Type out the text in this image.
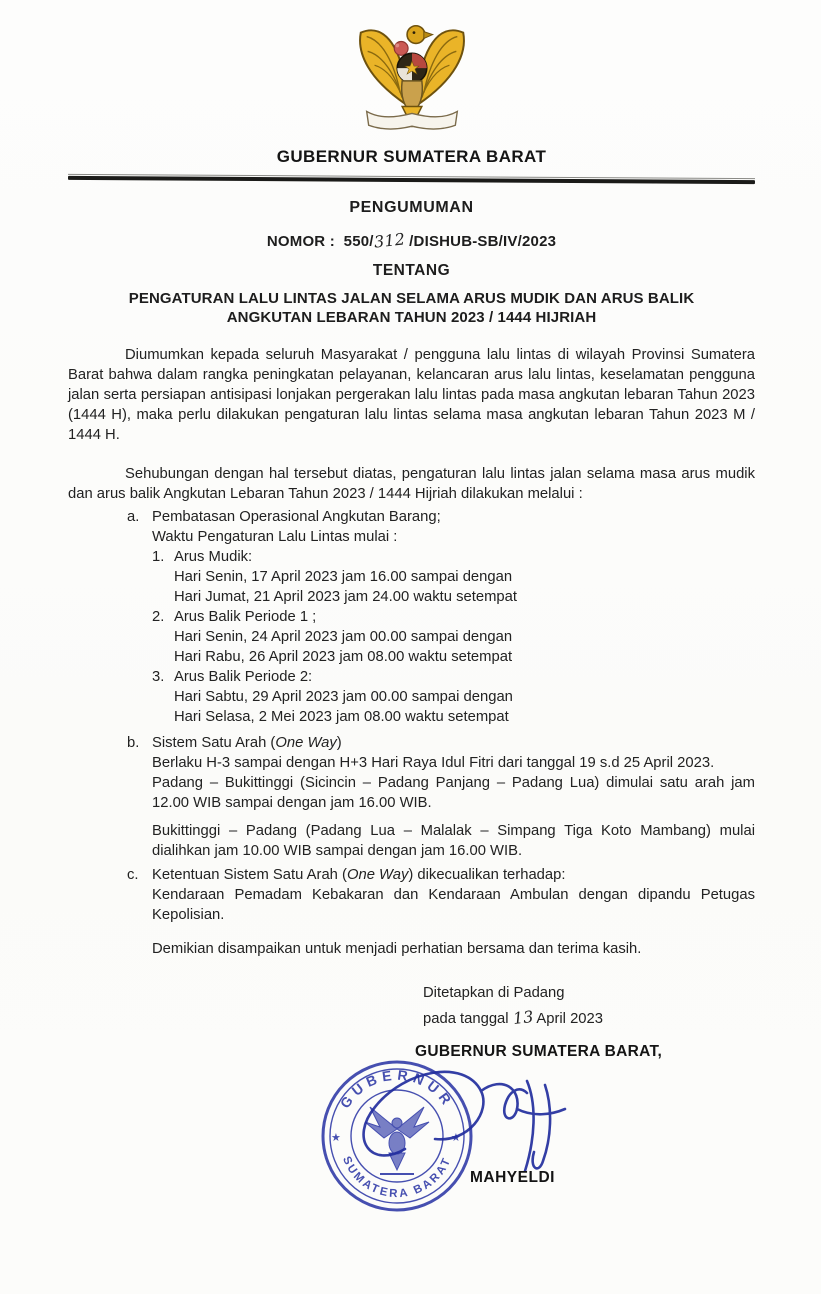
GUBERNUR SUMATERA BARAT
PENGUMUMAN
NOMOR : 550/312 /DISHUB-SB/IV/2023
TENTANG
PENGATURAN LALU LINTAS JALAN SELAMA ARUS MUDIK DAN ARUS BALIK
ANGKUTAN LEBARAN TAHUN 2023 / 1444 HIJRIAH
Diumumkan kepada seluruh Masyarakat / pengguna lalu lintas di wilayah Provinsi Sumatera Barat bahwa dalam rangka peningkatan pelayanan, kelancaran arus lalu lintas, keselamatan pengguna jalan serta persiapan antisipasi lonjakan pergerakan lalu lintas pada masa angkutan lebaran Tahun 2023 (1444 H), maka perlu dilakukan pengaturan lalu lintas selama masa angkutan lebaran Tahun 2023 M / 1444 H.
Sehubungan dengan hal tersebut diatas, pengaturan lalu lintas jalan selama masa arus mudik dan arus balik Angkutan Lebaran Tahun 2023 / 1444 Hijriah dilakukan melalui :
a. Pembatasan Operasional Angkutan Barang;
Waktu Pengaturan Lalu Lintas mulai :
1. Arus Mudik:
Hari Senin, 17 April 2023 jam 16.00 sampai dengan
Hari Jumat, 21 April 2023 jam 24.00 waktu setempat
2. Arus Balik Periode 1 ;
Hari Senin, 24 April 2023 jam 00.00 sampai dengan
Hari Rabu, 26 April 2023 jam 08.00 waktu setempat
3. Arus Balik Periode 2:
Hari Sabtu, 29 April 2023 jam 00.00 sampai dengan
Hari Selasa, 2 Mei 2023 jam 08.00 waktu setempat
b. Sistem Satu Arah (One Way)
Berlaku H-3 sampai dengan H+3 Hari Raya Idul Fitri dari tanggal 19 s.d 25 April 2023.
Padang – Bukittinggi (Sicincin – Padang Panjang – Padang Lua) dimulai satu arah jam 12.00 WIB sampai dengan jam 16.00 WIB.
Bukittinggi – Padang (Padang Lua – Malalak – Simpang Tiga Koto Mambang) mulai dialihkan jam 10.00 WIB sampai dengan jam 16.00 WIB.
c. Ketentuan Sistem Satu Arah (One Way) dikecualikan terhadap:
Kendaraan Pemadam Kebakaran dan Kendaraan Ambulan dengan dipandu Petugas Kepolisian.
Demikian disampaikan untuk menjadi perhatian bersama dan terima kasih.
Ditetapkan di Padang
pada tanggal 13 April 2023
GUBERNUR SUMATERA BARAT,
GUBERNUR
SUMATERA BARAT
★	★
MAHYELDI
